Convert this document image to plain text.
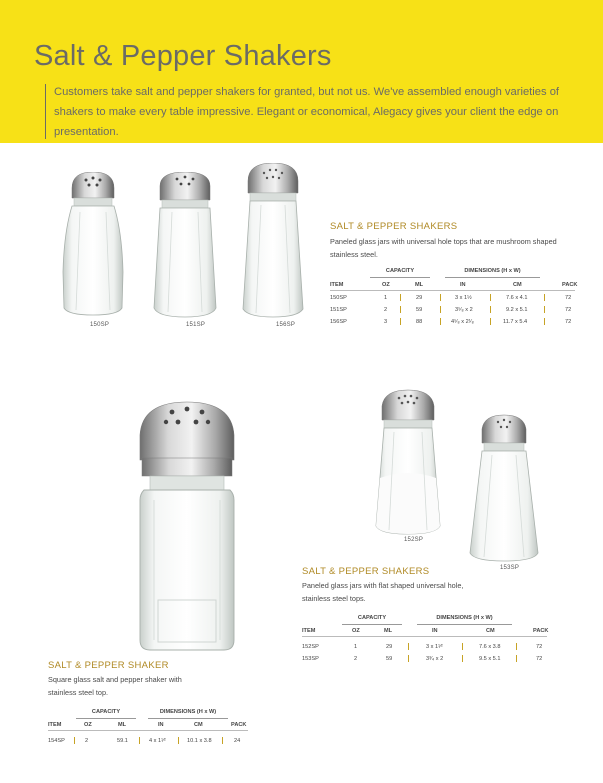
Salt & Pepper Shakers
Customers take salt and pepper shakers for granted, but not us. We've assembled enough varieties of shakers to make every table impressive. Elegant or economical, Alegacy gives your client the edge on presentation.
150SP	151SP	156SP
SALT & PEPPER SHAKERS
Paneled glass jars with universal hole tops that are mushroom shaped stainless steel.
CAPACITY	DIMENSIONS (H x W)
ITEM	OZ	ML	IN	CM	PACK
150SP	1	29	3 x 1½	7.6 x 4.1	72
151SP	2	59	3⁵⁄₈ x 2	9.2 x 5.1	72
156SP	3	88	4⁵⁄₈ x 2¹⁄₈	11.7 x 5.4	72
152SP
153SP
SALT & PEPPER SHAKERS
Paneled glass jars with flat shaped universal hole, stainless steel tops.
CAPACITY	DIMENSIONS (H x W)
ITEM	OZ	ML	IN	CM	PACK
152SP	1	29	3 x 1¹⁄²	7.6 x 3.8	72
153SP	2	59	3³⁄₄ x 2	9.5 x 5.1	72
SALT & PEPPER SHAKER
Square glass salt and pepper shaker with stainless steel top.
CAPACITY	DIMENSIONS (H x W)
ITEM	OZ	ML	IN	CM	PACK
154SP	2	59.1	4 x 1¹⁄²	10.1 x 3.8	24
